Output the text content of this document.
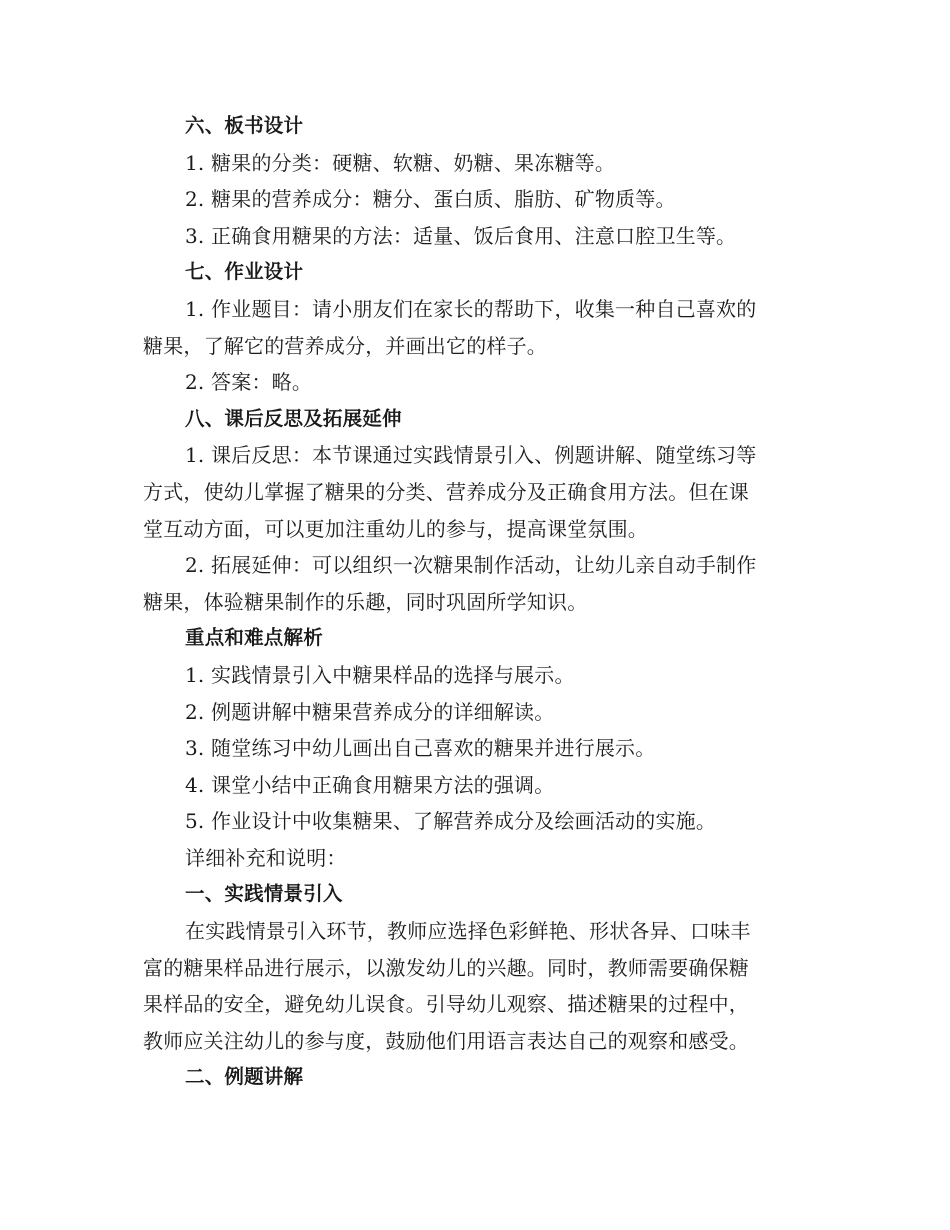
六、板书设计
1. 糖果的分类：硬糖、软糖、奶糖、果冻糖等。
2. 糖果的营养成分：糖分、蛋白质、脂肪、矿物质等。
3. 正确食用糖果的方法：适量、饭后食用、注意口腔卫生等。
七、作业设计
1. 作业题目：请小朋友们在家长的帮助下，收集一种自己喜欢的
糖果，了解它的营养成分，并画出它的样子。
2. 答案：略。
八、课后反思及拓展延伸
1. 课后反思：本节课通过实践情景引入、例题讲解、随堂练习等
方式，使幼儿掌握了糖果的分类、营养成分及正确食用方法。但在课
堂互动方面，可以更加注重幼儿的参与，提高课堂氛围。
2. 拓展延伸：可以组织一次糖果制作活动，让幼儿亲自动手制作
糖果，体验糖果制作的乐趣，同时巩固所学知识。
重点和难点解析
1. 实践情景引入中糖果样品的选择与展示。
2. 例题讲解中糖果营养成分的详细解读。
3. 随堂练习中幼儿画出自己喜欢的糖果并进行展示。
4. 课堂小结中正确食用糖果方法的强调。
5. 作业设计中收集糖果、了解营养成分及绘画活动的实施。
详细补充和说明：
一、实践情景引入
在实践情景引入环节，教师应选择色彩鲜艳、形状各异、口味丰
富的糖果样品进行展示，以激发幼儿的兴趣。同时，教师需要确保糖
果样品的安全，避免幼儿误食。引导幼儿观察、描述糖果的过程中，
教师应关注幼儿的参与度，鼓励他们用语言表达自己的观察和感受。
二、例题讲解
